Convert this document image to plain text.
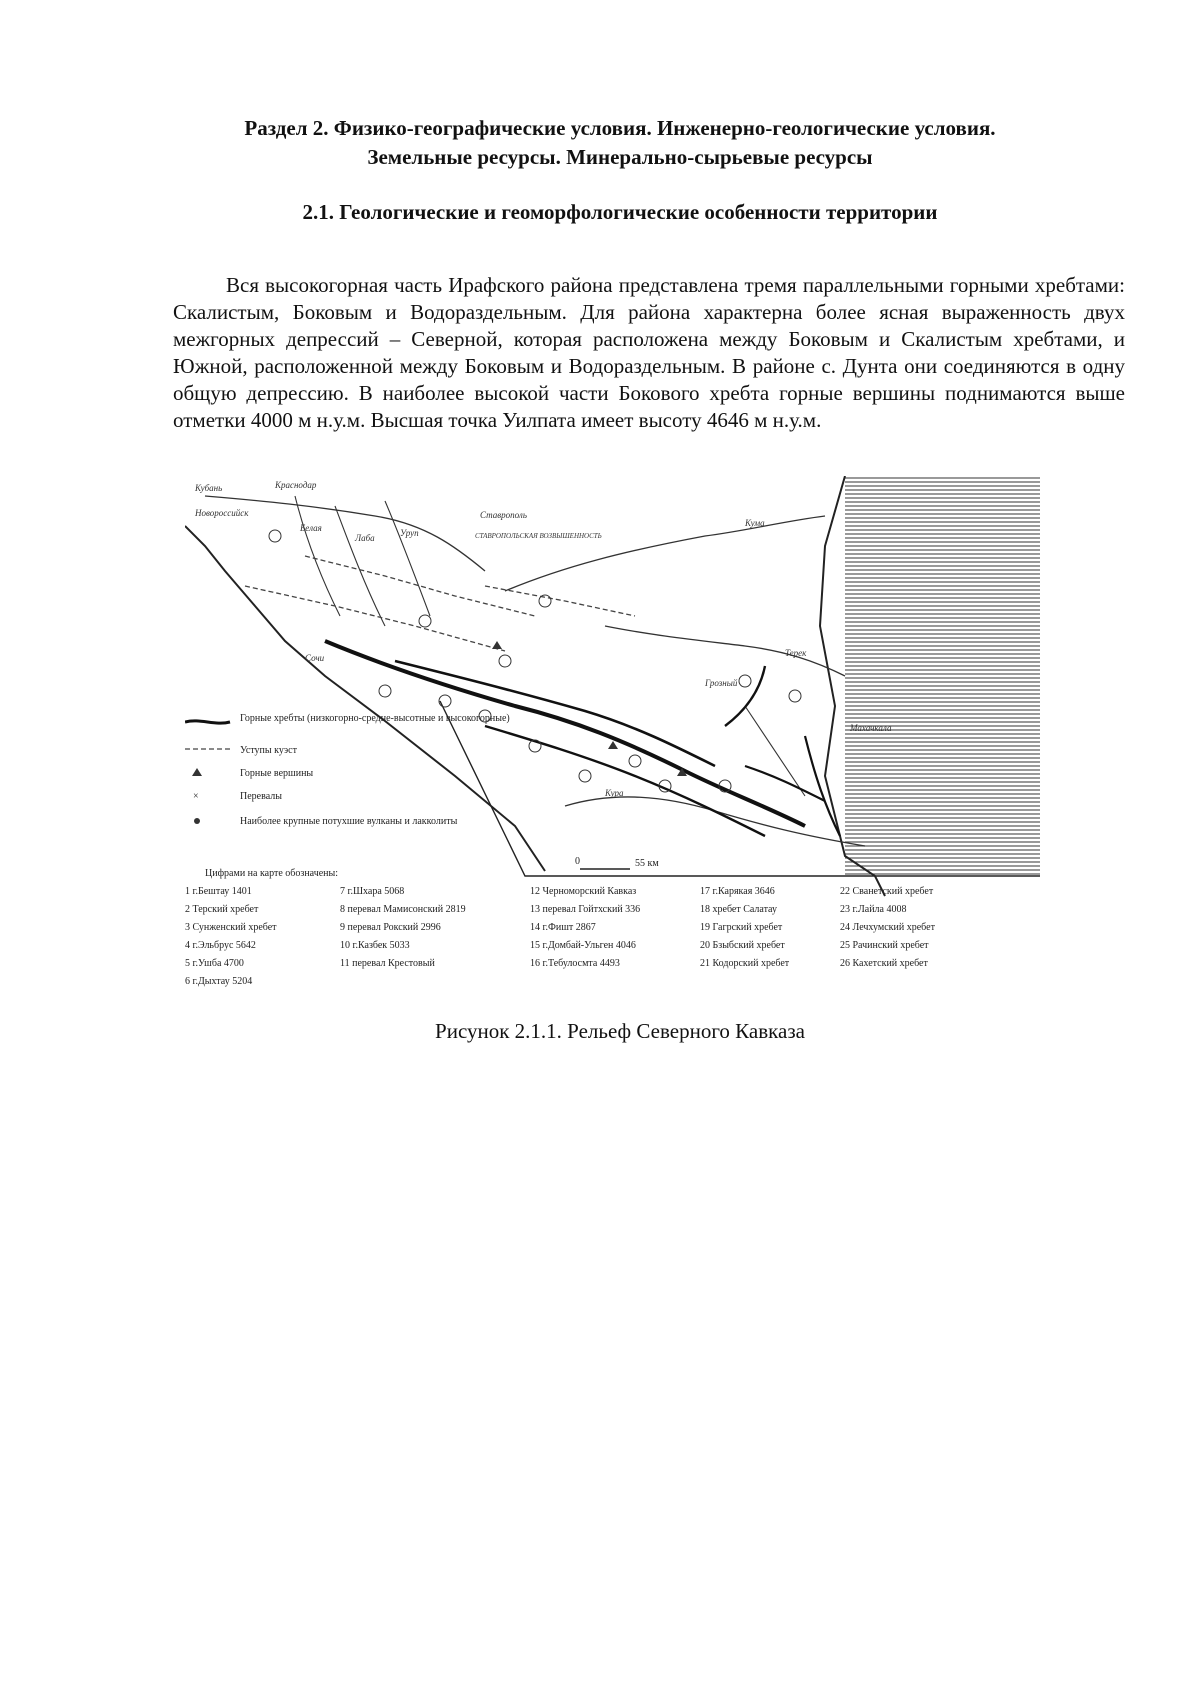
Раздел 2. Физико-географические условия. Инженерно-геологические условия.
Земельные ресурсы. Минерально-сырьевые ресурсы
2.1. Геологические и геоморфологические особенности территории

Вся высокогорная часть Ирафского района представлена тремя параллельными горными хребтами: Скалистым, Боковым и Водораздельным. Для района характерна более ясная выраженность двух межгорных депрессий – Северной, которая расположена между Боковым и Скалистым хребтами, и Южной, расположенной между Боковым и Водораздельным. В районе с. Дунта они соединяются в одну общую депрессию. В наиболее высокой части Бокового хребта горные вершины поднимаются выше отметки 4000 м н.у.м. Высшая точка Уилпата имеет высоту 4646 м н.у.м.

Кубань	Краснодар
Новороссийск	Ставрополь
СТАВРОПОЛЬСКАЯ ВОЗВЫШЕННОСТЬ
Кума
Терек
Грозный
Махачкала
Сочи
Кура
Лаба
Белая	Уруп
Горные хребты (низкогорно-средне-высотные и высокогорные)
Уступы куэст
Горные вершины
×	Перевалы
Наиболее крупные потухшие вулканы и лакколиты
0	55 км
Цифрами на карте обозначены:
1 г.Бештау 1401	7 г.Шхара 5068	12 Черноморский Кавказ	17 г.Карякая 3646	22 Сванетский хребет
2 Терский хребет	8 перевал Мамисонский 2819	13 перевал Гойтхский 336	18 хребет Салатау	23 г.Лайла 4008
3 Сунженский хребет	9 перевал Рокский 2996	14 г.Фишт 2867	19 Гагрский хребет	24 Лечхумский хребет
4 г.Эльбрус 5642	10 г.Казбек 5033	15 г.Домбай-Ульген 4046	20 Бзыбский хребет	25 Рачинский хребет
5 г.Ушба 4700	11 перевал Крестовый	16 г.Тебулосмта 4493	21 Кодорский хребет	26 Кахетский хребет
6 г.Дыхтау 5204
Рисунок 2.1.1. Рельеф Северного Кавказа
